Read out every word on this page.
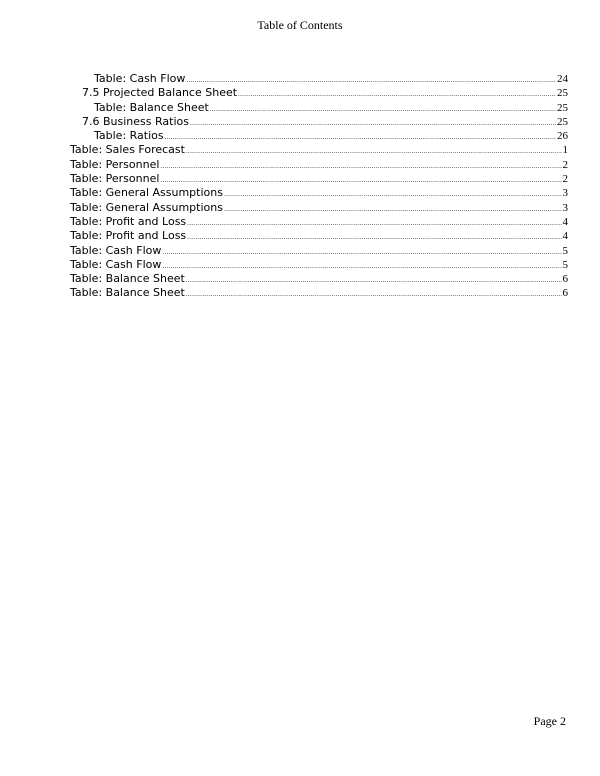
Table of Contents
Table: Cash Flow .....	24
7.5 Projected Balance Sheet .....	25
Table: Balance Sheet .....	25
7.6 Business Ratios .....	25
Table: Ratios .....	26
Table: Sales Forecast .....	1
Table: Personnel .....	2
Table: Personnel .....	2
Table: General Assumptions .....	3
Table: General Assumptions .....	3
Table: Profit and Loss .....	4
Table: Profit and Loss .....	4
Table: Cash Flow .....	5
Table: Cash Flow .....	5
Table: Balance Sheet .....	6
Table: Balance Sheet .....	6
Page 2
